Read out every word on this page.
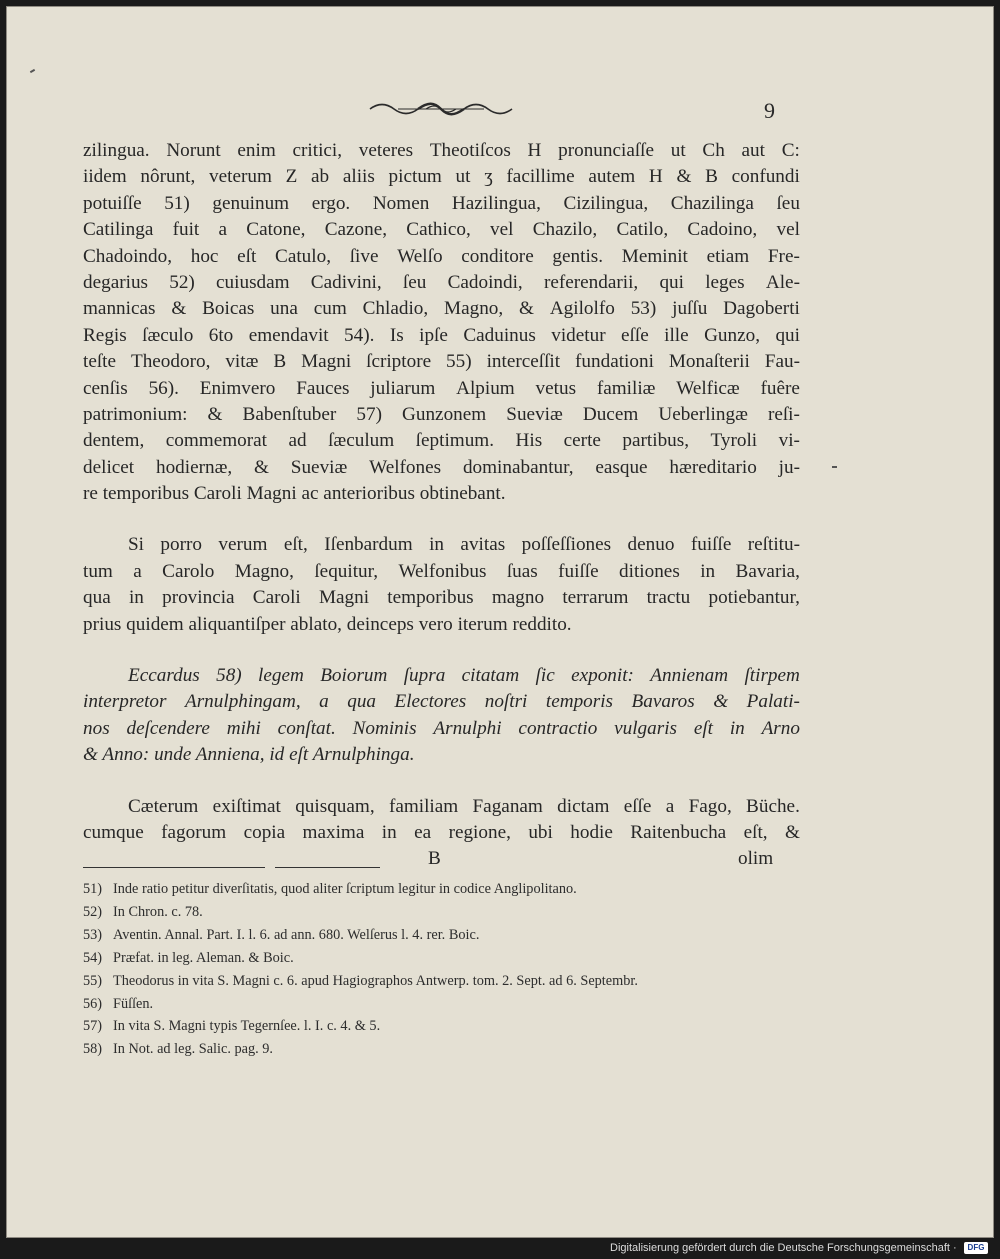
9
zilingua. Norunt enim critici, veteres Theotiſcos H pronunciaſſe ut Ch aut C:
iidem nôrunt, veterum Z ab aliis pictum ut ʒ facillime autem H & B confundi
potuiſſe 51) genuinum ergo. Nomen Hazilingua, Cizilingua, Chazilinga ſeu
Catilinga fuit a Catone, Cazone, Cathico, vel Chazilo, Catilo, Cadoino, vel
Chadoindo, hoc eſt Catulo, ſive Welſo conditore gentis. Meminit etiam Fre-
degarius 52) cuiusdam Cadivini, ſeu Cadoindi, referendarii, qui leges Ale-
mannicas & Boicas una cum Chladio, Magno, & Agilolfo 53) juſſu Dagoberti
Regis ſæculo 6to emendavit 54). Is ipſe Caduinus videtur eſſe ille Gunzo, qui
teſte Theodoro, vitæ B Magni ſcriptore 55) interceſſit fundationi Monaſterii Fau-
cenſis 56). Enimvero Fauces juliarum Alpium vetus familiæ Welficæ fuêre
patrimonium: & Babenſtuber 57) Gunzonem Sueviæ Ducem Ueberlingæ reſi-
dentem, commemorat ad ſæculum ſeptimum. His certe partibus, Tyroli vi-
delicet hodiernæ, & Sueviæ Welfones dominabantur, easque hæreditario ju-
re temporibus Caroli Magni ac anterioribus obtinebant.
Si porro verum eſt, Iſenbardum in avitas poſſeſſiones denuo fuiſſe reſtitu-
tum a Carolo Magno, ſequitur, Welfonibus ſuas fuiſſe ditiones in Bavaria,
qua in provincia Caroli Magni temporibus magno terrarum tractu potiebantur,
prius quidem aliquantiſper ablato, deinceps vero iterum reddito.
Eccardus 58) legem Boiorum ſupra citatam ſic exponit: Annienam ſtirpem
interpretor Arnulphingam, a qua Electores noſtri temporis Bavaros & Palati-
nos deſcendere mihi conſtat. Nominis Arnulphi contractio vulgaris eſt in Arno
& Anno: unde Anniena, id eſt Arnulphinga.
Cæterum exiſtimat quisquam, familiam Faganam dictam eſſe a Fago, Büche.
cumque fagorum copia maxima in ea regione, ubi hodie Raitenbucha eſt, &
B	olim
51) Inde ratio petitur diverſitatis, quod aliter ſcriptum legitur in codice Anglipolitano.
52) In Chron. c. 78.
53) Aventin. Annal. Part. I. l. 6. ad ann. 680. Welſerus l. 4. rer. Boic.
54) Præfat. in leg. Aleman. & Boic.
55) Theodorus in vita S. Magni c. 6. apud Hagiographos Antwerp. tom. 2. Sept. ad 6. Septembr.
56) Füſſen.
57) In vita S. Magni typis Tegernſee. l. I. c. 4. & 5.
58) In Not. ad leg. Salic. pag. 9.
Digitalisierung gefördert durch die Deutsche Forschungsgemeinschaft ·	DFG
